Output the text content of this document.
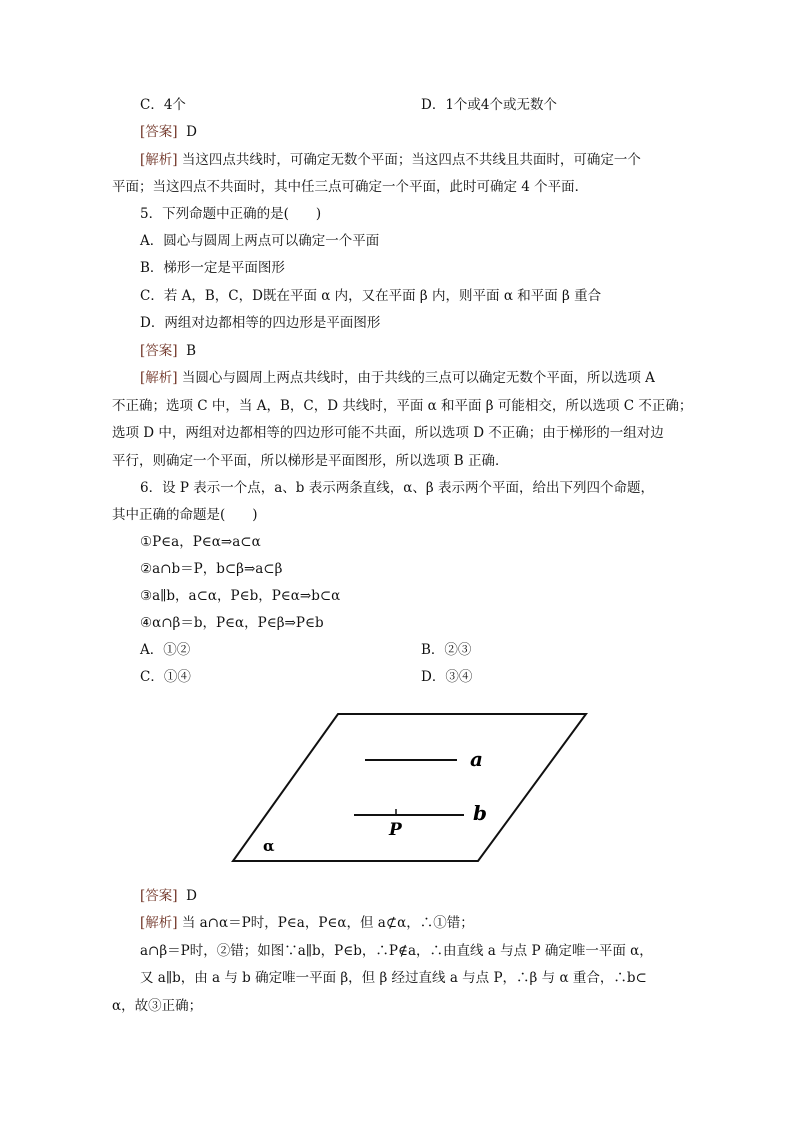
C．4个	D．1个或4个或无数个
[答案] D
[解析] 当这四点共线时，可确定无数个平面；当这四点不共线且共面时，可确定一个
平面；当这四点不共面时，其中任三点可确定一个平面，此时可确定 4 个平面．
5．下列命题中正确的是(　　)
A．圆心与圆周上两点可以确定一个平面
B．梯形一定是平面图形
C．若 A，B，C，D既在平面 α 内，又在平面 β 内，则平面 α 和平面 β 重合
D．两组对边都相等的四边形是平面图形
[答案] B
[解析] 当圆心与圆周上两点共线时，由于共线的三点可以确定无数个平面，所以选项 A
不正确；选项 C 中，当 A，B，C，D 共线时，平面 α 和平面 β 可能相交，所以选项 C 不正确；
选项 D 中，两组对边都相等的四边形可能不共面，所以选项 D 不正确；由于梯形的一组对边
平行，则确定一个平面，所以梯形是平面图形，所以选项 B 正确．
6．设 P 表示一个点，a、b 表示两条直线，α、β 表示两个平面，给出下列四个命题，
其中正确的命题是(　　)
①P∈a，P∈α⇒a⊂α
②a∩b＝P，b⊂β⇒a⊂β
③a∥b，a⊂α，P∈b，P∈α⇒b⊂α
④α∩β＝b，P∈α，P∈β⇒P∈b
A．①②	B．②③
C．①④	D．③④
a
b
P
α
[答案] D
[解析] 当 a∩α＝P时，P∈a，P∈α，但 a⊄α，∴①错；
a∩β＝P时，②错；如图∵a∥b，P∈b，∴P∉a，∴由直线 a 与点 P 确定唯一平面 α，
又 a∥b，由 a 与 b 确定唯一平面 β，但 β 经过直线 a 与点 P，∴β 与 α 重合，∴b⊂
α，故③正确；
